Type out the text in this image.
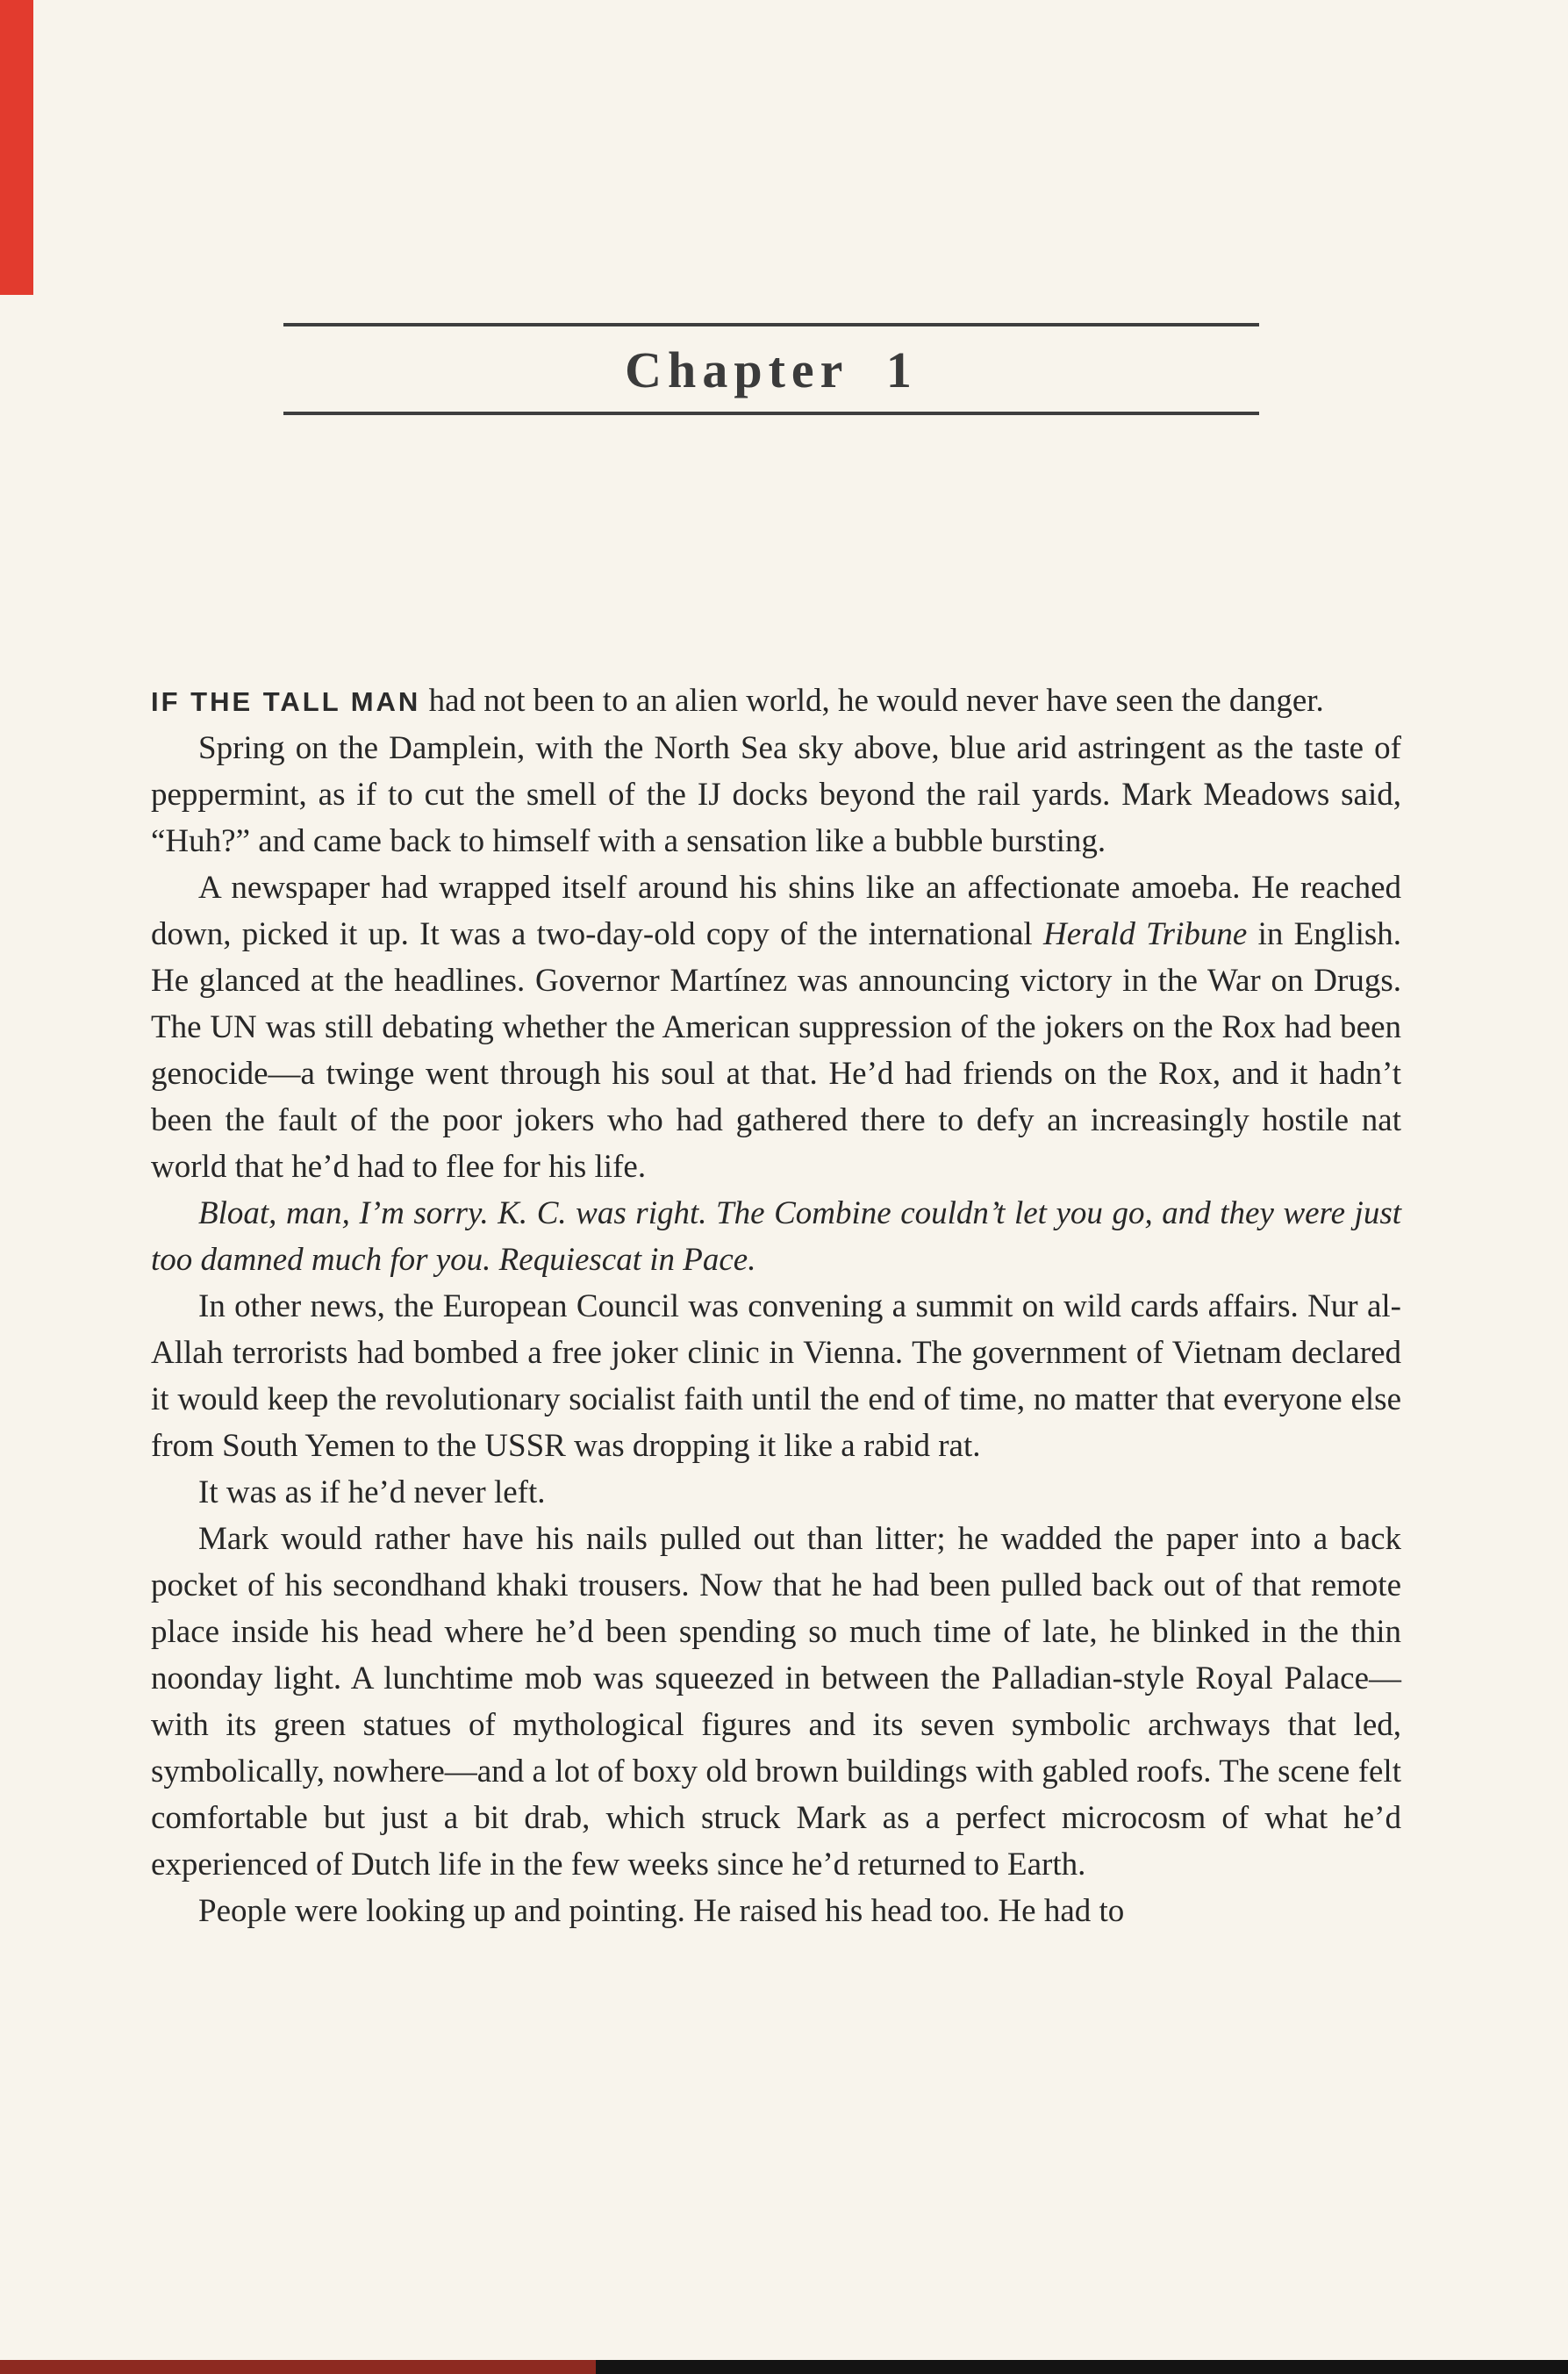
Chapter 1

IF THE TALL MAN had not been to an alien world, he would never have seen the danger.

Spring on the Damplein, with the North Sea sky above, blue arid astringent as the taste of peppermint, as if to cut the smell of the IJ docks beyond the rail yards. Mark Meadows said, “Huh?” and came back to himself with a sensation like a bubble bursting.

A newspaper had wrapped itself around his shins like an affectionate amoeba. He reached down, picked it up. It was a two-day-old copy of the international Herald Tribune in English. He glanced at the headlines. Governor Martínez was announcing victory in the War on Drugs. The UN was still debating whether the American suppression of the jokers on the Rox had been genocide—a twinge went through his soul at that. He’d had friends on the Rox, and it hadn’t been the fault of the poor jokers who had gathered there to defy an increasingly hostile nat world that he’d had to flee for his life.

Bloat, man, I’m sorry. K. C. was right. The Combine couldn’t let you go, and they were just too damned much for you. Requiescat in Pace.

In other news, the European Council was convening a summit on wild cards affairs. Nur al-Allah terrorists had bombed a free joker clinic in Vienna. The government of Vietnam declared it would keep the revolutionary socialist faith until the end of time, no matter that everyone else from South Yemen to the USSR was dropping it like a rabid rat.

It was as if he’d never left.

Mark would rather have his nails pulled out than litter; he wadded the paper into a back pocket of his secondhand khaki trousers. Now that he had been pulled back out of that remote place inside his head where he’d been spending so much time of late, he blinked in the thin noonday light. A lunchtime mob was squeezed in between the Palladian-style Royal Palace—with its green statues of mythological figures and its seven symbolic archways that led, symbolically, nowhere—and a lot of boxy old brown buildings with gabled roofs. The scene felt comfortable but just a bit drab, which struck Mark as a perfect microcosm of what he’d experienced of Dutch life in the few weeks since he’d returned to Earth.

People were looking up and pointing. He raised his head too. He had to
